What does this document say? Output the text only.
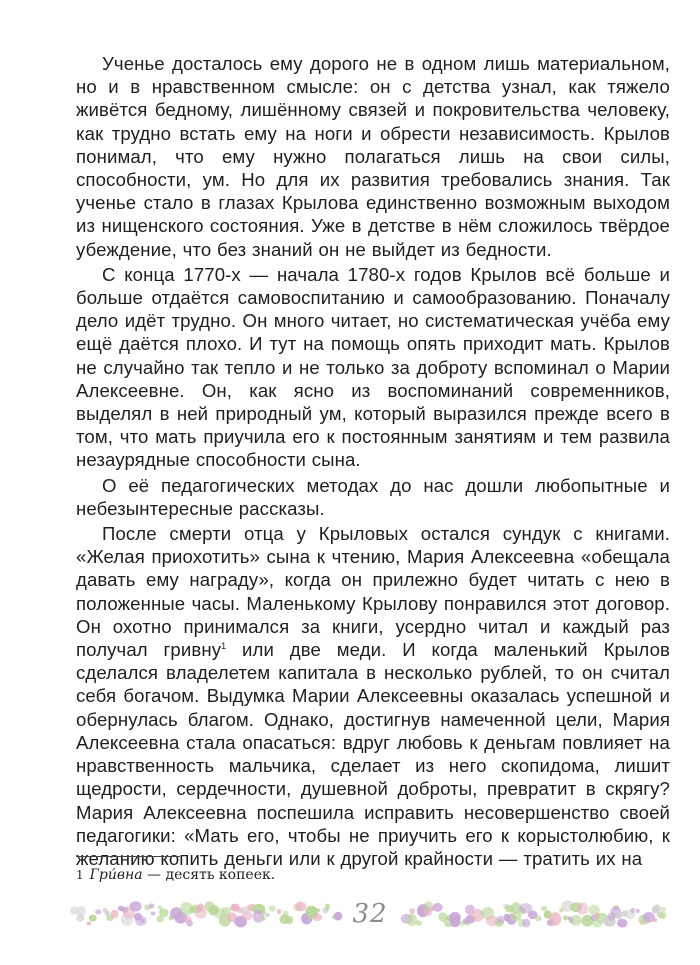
Ученье досталось ему дорого не в одном лишь материальном, но и в нравственном смысле: он с детства узнал, как тяжело живётся бедному, лишённому связей и покровительства человеку, как трудно встать ему на ноги и обрести независимость. Крылов понимал, что ему нужно полагаться лишь на свои силы, способности, ум. Но для их развития требовались знания. Так ученье стало в глазах Крылова единственно возможным выходом из нищенского состояния. Уже в детстве в нём сложилось твёрдое убеждение, что без знаний он не выйдет из бедности.

С конца 1770-х — начала 1780-х годов Крылов всё больше и больше отдаётся самовоспитанию и самообразованию. Поначалу дело идёт трудно. Он много читает, но систематическая учёба ему ещё даётся плохо. И тут на помощь опять приходит мать. Крылов не случайно так тепло и не только за доброту вспоминал о Марии Алексеевне. Он, как ясно из воспоминаний современников, выделял в ней природный ум, который выразился прежде всего в том, что мать приучила его к постоянным занятиям и тем развила незаурядные способности сына.

О её педагогических методах до нас дошли любопытные и небезынтересные рассказы.

После смерти отца у Крыловых остался сундук с книгами. «Желая приохотить» сына к чтению, Мария Алексеевна «обещала давать ему награду», когда он прилежно будет читать с нею в положенные часы. Маленькому Крылову понравился этот договор. Он охотно принимался за книги, усердно читал и каждый раз получал гривну$^1$ или две меди. И когда маленький Крылов сделался владелетем капитала в несколько рублей, то он считал себя богачом. Выдумка Марии Алексеевны оказалась успешной и обернулась благом. Однако, достигнув намеченной цели, Мария Алексеевна стала опасаться: вдруг любовь к деньгам повлияет на нравственность мальчика, сделает из него скопидома, лишит щедрости, сердечности, душевной доброты, превратит в скрягу? Мария Алексеевна поспешила исправить несовершенство своей педагогики: «Мать его, чтобы не приучить его к корыстолюбию, к желанию копить деньги или к другой крайности — тратить их на

1 Гри́вна — десять копеек.
32
